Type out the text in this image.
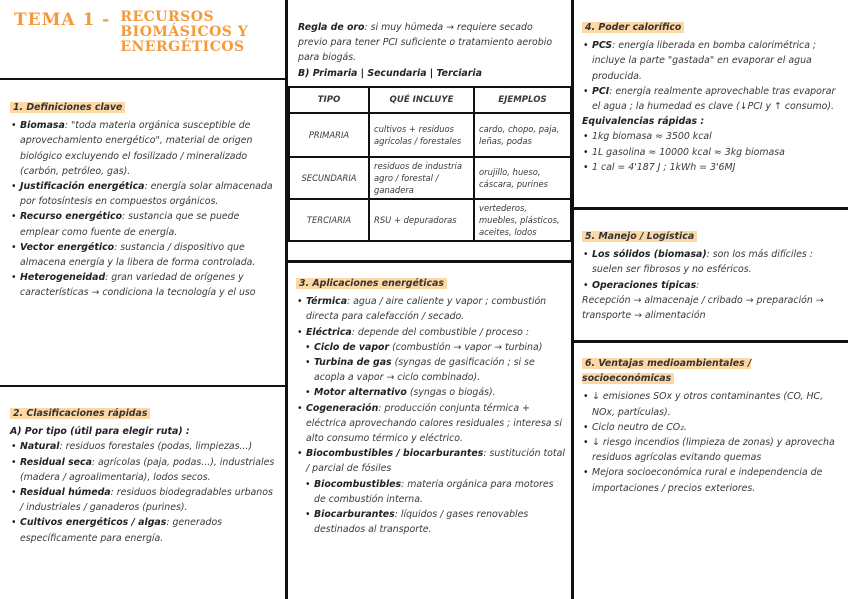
TEMA 1 - RECURSOS
BIOMÁSICOS Y
ENERGÉTICOS
1. Definiciones clave
• Biomasa: "toda materia orgánica susceptible de aprovechamiento energético", material de origen biológico excluyendo el fosilizado / mineralizado (carbón, petróleo, gas).
• Justificación energética: energía solar almacenada por fotosíntesis en compuestos orgánicos.
• Recurso energético: sustancia que se puede emplear como fuente de energía.
• Vector energético: sustancia / dispositivo que almacena energía y la libera de forma controlada.
• Heterogeneidad: gran variedad de orígenes y características → condiciona la tecnología y el uso
2. Clasificaciones rápidas
A) Por tipo (útil para elegir ruta) :
• Natural: residuos forestales (podas, limpiezas...)
• Residual seca: agrícolas (paja, podas...), industriales (madera / agroalimentaria), lodos secos.
• Residual húmeda: residuos biodegradables urbanos / industriales / ganaderos (purines).
• Cultivos energéticos / algas: generados específicamente para energía.
Regla de oro: si muy húmeda → requiere secado previo para tener PCI suficiente o tratamiento aerobio para biogás.
B) Primaria | Secundaria | Terciaria
TIPO	QUÉ INCLUYE	EJEMPLOS
PRIMARIA	cultivos + residuos agrícolas / forestales	cardo, chopo, paja, leñas, podas
SECUNDARIA	residuos de industria agro / forestal / ganadera	orujillo, hueso, cáscara, purines
TERCIARIA	RSU + depuradoras	vertederos, muebles, plásticos, aceites, lodos

3. Aplicaciones energéticas
• Térmica: agua / aire caliente y vapor ; combustión directa para calefacción / secado.
• Eléctrica: depende del combustible / proceso :
• Ciclo de vapor (combustión → vapor → turbina)
• Turbina de gas (syngas de gasificación ; si se acopla a vapor → ciclo combinado).
• Motor alternativo (syngas o biogás).
• Cogeneración: producción conjunta térmica + eléctrica aprovechando calores residuales ; interesa si alto consumo térmico y eléctrico.
• Biocombustibles / biocarburantes: sustitución total / parcial de fósiles
• Biocombustibles: materia orgánica para motores de combustión interna.
• Biocarburantes: líquidos / gases renovables destinados al transporte.
4. Poder calorífico
• PCS: energía liberada en bomba calorimétrica ; incluye la parte "gastada" en evaporar el agua producida.
• PCI: energía realmente aprovechable tras evaporar el agua ; la humedad es clave (↓PCI y ↑ consumo).
Equivalencias rápidas :
• 1kg biomasa ≈ 3500 kcal
• 1L gasolina ≈ 10000 kcal ≈ 3kg biomasa
• 1 cal = 4'187 J ; 1kWh = 3'6MJ
5. Manejo / Logística
• Los sólidos (biomasa): son los más difíciles : suelen ser fibrosos y no esféricos.
• Operaciones típicas:
Recepción → almacenaje / cribado → preparación → transporte → alimentación
6. Ventajas medioambientales / socioeconómicas
• ↓ emisiones SOx y otros contaminantes (CO, HC, NOx, partículas).
• Ciclo neutro de CO₂.
• ↓ riesgo incendios (limpieza de zonas) y aprovecha residuos agrícolas evitando quemas
• Mejora socioeconómica rural e independencia de importaciones / precios exteriores.
